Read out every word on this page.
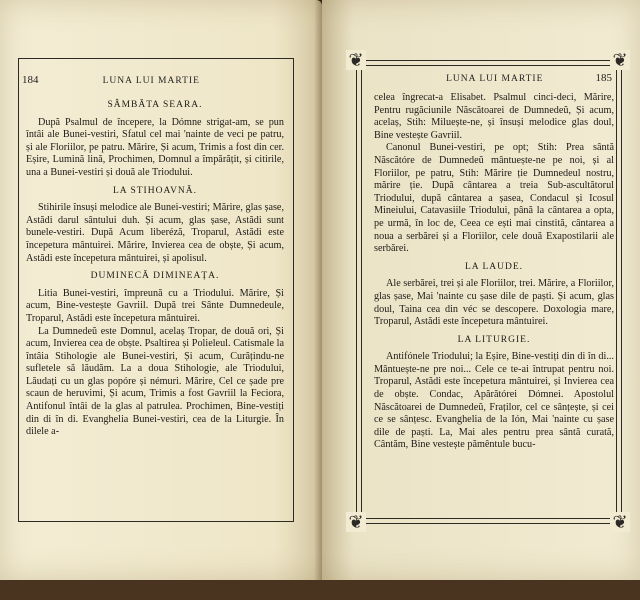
184	LUNA LUI MARTIE

SÂMBĂTA SEARA.

După Psalmul de începere, la Dómne strigat-am, se pun întâi ale Bunei-vestiri, Sfatul cel mai 'nainte de veci pe patru, și ale Floriilor, pe patru. Mărire, Și acum, Trimis a fost din cer. Eșire, Lumină lină, Prochimen, Domnul a împărățit, și citirile, una a Bunei-vestiri și două ale Triodului.

LA STIHOAVNĂ.

Stihirile însuși melodice ale Bunei-vestiri; Mărire, glas șase, Astădi darul sântului duh. Și acum, glas șase, Astădi sunt bunele-vestiri. După Acum liberéză, Troparul, Astădi este începetura mântuirei. Mărire, Invierea cea de obște, Și acum, Astădi este începetura mântuirei, și apolisul.

DUMINECĂ DIMINEAȚA.

Litia Bunei-vestiri, împreună cu a Triodului. Mărire, Și acum, Bine-vestește Gavriil. După trei Sânte Dumnedeule, Troparul, Astădi este începetura mântuirei.

La Dumnedeŭ este Domnul, acelaș Tropar, de două ori, Și acum, Invierea cea de obște. Psaltirea și Polieleul. Catismale la întâia Stihologie ale Bunei-vestiri, Și acum, Curățindu-ne sufletele să lăudăm. La a doua Stihologie, ale Triodului, Lăudați cu un glas popóre și némuri. Mărire, Cel ce șade pre scaun de heruvimi, Și acum, Trimis a fost Gavriil la Feciora, Antifonul întâi de la glas al patrulea. Prochimen, Bine-vestiți din di în di. Evanghelia Bunei-vestiri, cea de la Liturgie. În dilele a-

❦	❦
❦	❦
LUNA LUI MARTIE	185

celea îngrecat-a Elisabet. Psalmul cinci-deci, Mărire, Pentru rugăciunile Născătoarei de Dumnedeŭ, Și acum, acelaș, Stih: Miluește-ne, și însuși melodice glas doul, Bine vestește Gavriil.

Canonul Bunei-vestiri, pe opt; Stih: Prea sântă Născătóre de Dumnedeŭ mântuește-ne pe noi, și al Floriilor, pe patru, Stih: Mărire ție Dumnedeul nostru, mărire ție. După cântarea a treia Sub-ascultătorul Triodului, după cântarea a șasea, Condacul și Icosul Mineiului, Catavasiile Triodului, până la cântarea a opta, pe urmă, în loc de, Ceea ce ești mai cinstită, cântarea a noua a serbărei și a Floriilor, cele două Exapostilarii ale serbărei.

LA LAUDE.

Ale serbărei, trei și ale Floriilor, trei. Mărire, a Floriilor, glas șase, Mai 'nainte cu șase dile de paști. Și acum, glas doul, Taina cea din véc se descopere. Doxologia mare, Troparul, Astădi este începetura mântuirei.

LA LITURGIE.

Antifónele Triodului; la Eșire, Bine-vestiți din di în di... Mântuește-ne pre noi... Cele ce te-ai întrupat pentru noi. Troparul, Astădi este începetura mântuirei, și Invierea cea de obște. Condac, Apărătórei Dómnei. Apostolul Născătoarei de Dumnedeŭ, Fraților, cel ce sânțește, și cei ce se sânțesc. Evanghelia de la Ión, Mai 'nainte cu șase dile de paști. La, Mai ales pentru prea sântă curată, Cântăm, Bine vestește pămêntule bucu-
